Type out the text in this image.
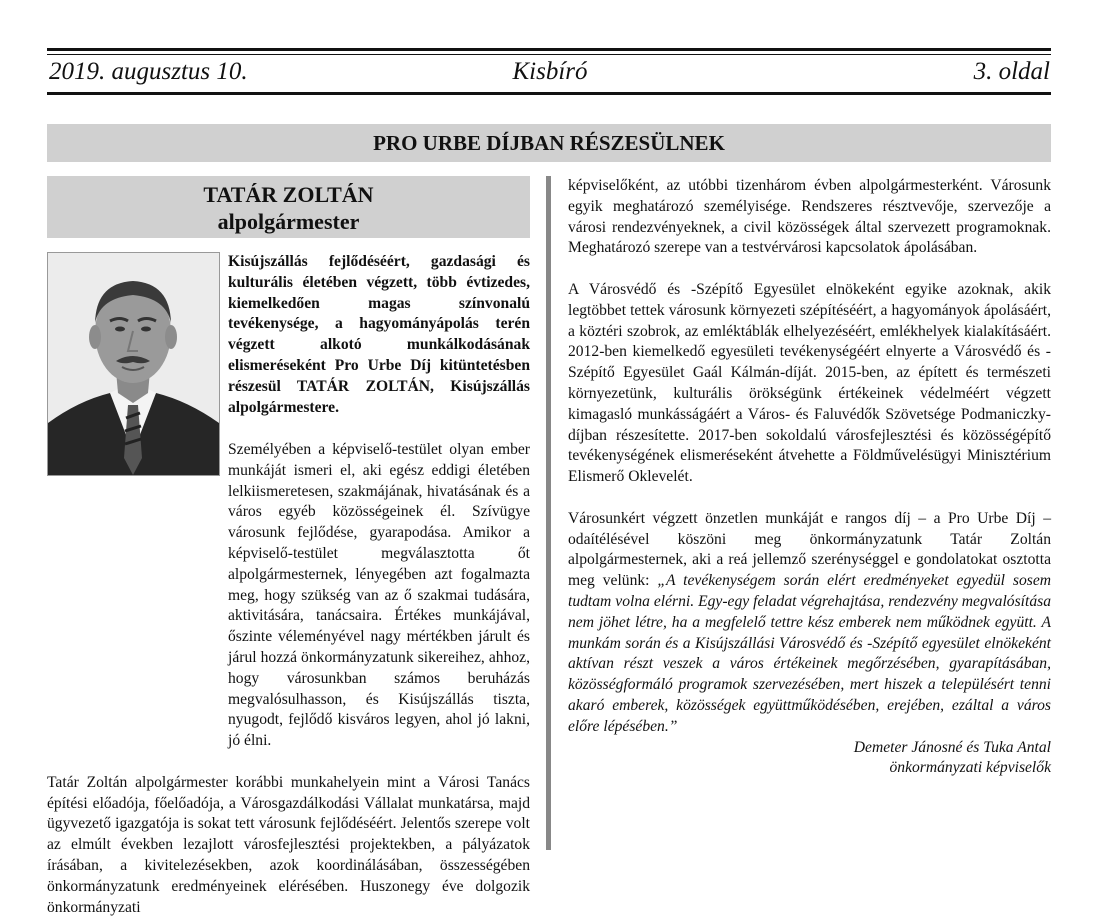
2019. augusztus 10.	Kisbíró	3. oldal
PRO URBE DÍJBAN RÉSZESÜLNEK
TATÁR ZOLTÁN
alpolgármester
Kisújszállás fejlődéséért, gazdasági és kulturális életében végzett, több évtizedes, kiemelkedően magas színvonalú tevékenysége, a hagyományápolás terén végzett alkotó munkálkodásának elismeréseként Pro Urbe Díj kitüntetésben részesül TATÁR ZOLTÁN, Kisújszállás alpolgármestere.

Személyében a képviselő-testület olyan ember munkáját ismeri el, aki egész eddigi életében lelkiismeretesen, szakmájának, hivatásának és a város egyéb közösségeinek él. Szívügye városunk fejlődése, gyarapodása. Amikor a képviselő-testület megválasztotta őt alpolgármesternek, lényegében azt fogalmazta meg, hogy szükség van az ő szakmai tudására, aktivitására, tanácsaira. Értékes munkájával, őszinte véleményével nagy mértékben járult és járul hozzá önkormányzatunk sikereihez, ahhoz, hogy városunkban számos beruházás megvalósulhasson, és Kisújszállás tiszta, nyugodt, fejlődő kisváros legyen, ahol jó lakni, jó élni.

Tatár Zoltán alpolgármester korábbi munkahelyein mint a Városi Tanács építési előadója, főelőadója, a Városgazdálkodási Vállalat munkatársa, majd ügyvezető igazgatója is sokat tett városunk fejlődéséért. Jelentős szerepe volt az elmúlt években lezajlott városfejlesztési projektekben, a pályázatok írásában, a kivitelezésekben, azok koordinálásában, összességében önkormányzatunk eredményeinek elérésében. Huszonegy éve dolgozik önkormányzati

képviselőként, az utóbbi tizenhárom évben alpolgármesterként. Városunk egyik meghatározó személyisége. Rendszeres résztvevője, szervezője a városi rendezvényeknek, a civil közösségek által szervezett programoknak. Meghatározó szerepe van a testvérvárosi kapcsolatok ápolásában.

A Városvédő és -Szépítő Egyesület elnökeként egyike azoknak, akik legtöbbet tettek városunk környezeti szépítéséért, a hagyományok ápolásáért, a köztéri szobrok, az emléktáblák elhelyezéséért, emlékhelyek kialakításáért. 2012-ben kiemelkedő egyesületi tevékenységéért elnyerte a Városvédő és -Szépítő Egyesület Gaál Kálmán-díját. 2015-ben, az épített és természeti környezetünk, kulturális örökségünk értékeinek védelméért végzett kimagasló munkásságáért a Város- és Faluvédők Szövetsége Podmaniczky-díjban részesítette. 2017-ben sokoldalú városfejlesztési és közösségépítő tevékenységének elismeréseként átvehette a Földművelésügyi Minisztérium Elismerő Oklevelét.

Városunkért végzett önzetlen munkáját e rangos díj – a Pro Urbe Díj – odaítélésével köszöni meg önkormányzatunk Tatár Zoltán alpolgármesternek, aki a reá jellemző szerénységgel e gondolatokat osztotta meg velünk: „A tevékenységem során elért eredményeket egyedül sosem tudtam volna elérni. Egy-egy feladat végrehajtása, rendezvény megvalósítása nem jöhet létre, ha a megfelelő tettre kész emberek nem működnek együtt. A munkám során és a Kisújszállási Városvédő és -Szépítő egyesület elnökeként aktívan részt veszek a város értékeinek megőrzésében, gyarapításában, közösségformáló programok szervezésében, mert hiszek a településért tenni akaró emberek, közösségek együttműködésében, erejében, ezáltal a város előre lépésében.”

Demeter Jánosné és Tuka Antal
önkormányzati képviselők
